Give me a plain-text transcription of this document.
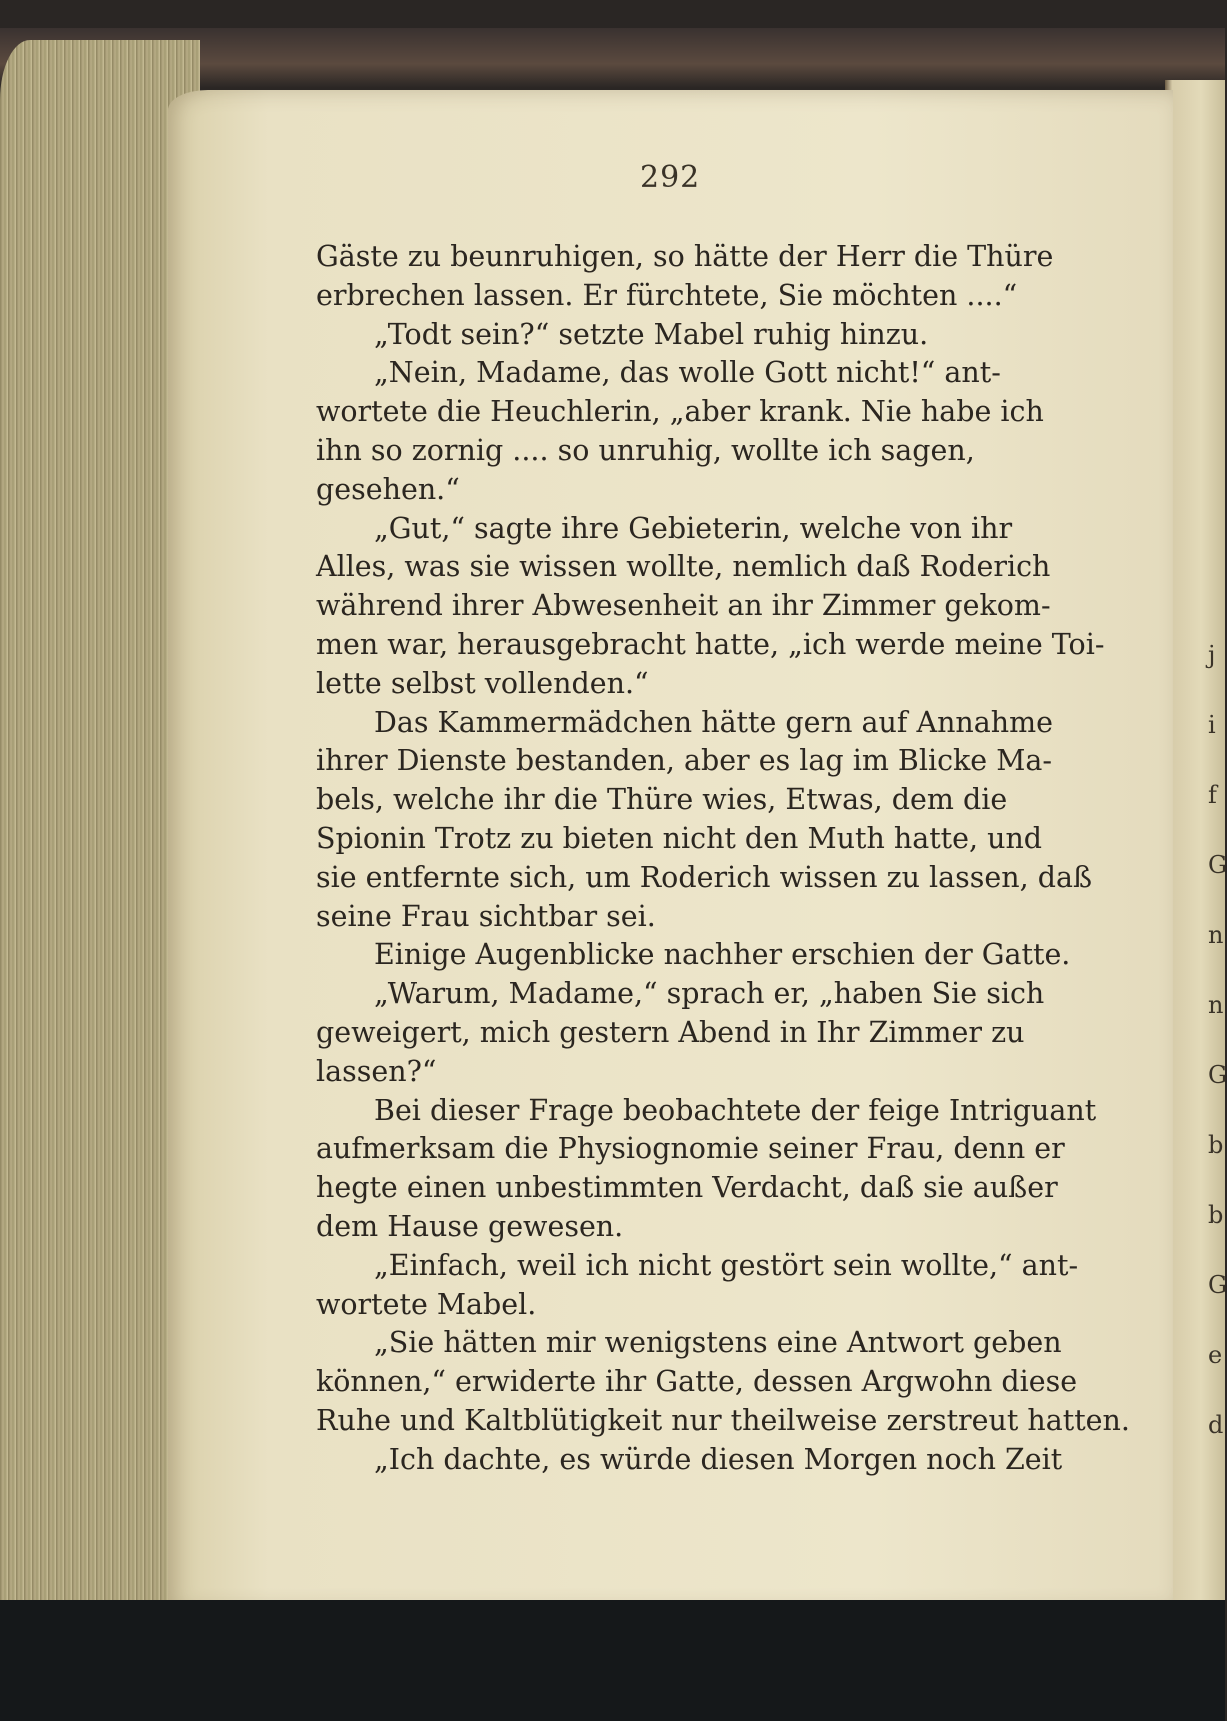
292
Gäste zu beunruhigen, so hätte der Herr die Thüre
erbrechen lassen. Er fürchtete, Sie möchten ....“
„Todt sein?“ setzte Mabel ruhig hinzu.
„Nein, Madame, das wolle Gott nicht!“ ant-
wortete die Heuchlerin, „aber krank. Nie habe ich
ihn so zornig .... so unruhig, wollte ich sagen,
gesehen.“
„Gut,“ sagte ihre Gebieterin, welche von ihr
Alles, was sie wissen wollte, nemlich daß Roderich
während ihrer Abwesenheit an ihr Zimmer gekom-
men war, herausgebracht hatte, „ich werde meine Toi-
lette selbst vollenden.“
Das Kammermädchen hätte gern auf Annahme
ihrer Dienste bestanden, aber es lag im Blicke Ma-
bels, welche ihr die Thüre wies, Etwas, dem die
Spionin Trotz zu bieten nicht den Muth hatte, und
sie entfernte sich, um Roderich wissen zu lassen, daß
seine Frau sichtbar sei.
Einige Augenblicke nachher erschien der Gatte.
„Warum, Madame,“ sprach er, „haben Sie sich
geweigert, mich gestern Abend in Ihr Zimmer zu
lassen?“
Bei dieser Frage beobachtete der feige Intriguant
aufmerksam die Physiognomie seiner Frau, denn er
hegte einen unbestimmten Verdacht, daß sie außer
dem Hause gewesen.
„Einfach, weil ich nicht gestört sein wollte,“ ant-
wortete Mabel.
„Sie hätten mir wenigstens eine Antwort geben
können,“ erwiderte ihr Gatte, dessen Argwohn diese
Ruhe und Kaltblütigkeit nur theilweise zerstreut hatten.
„Ich dachte, es würde diesen Morgen noch Zeit
j
i
f
G
n
n
G
b
b
G
e
d
